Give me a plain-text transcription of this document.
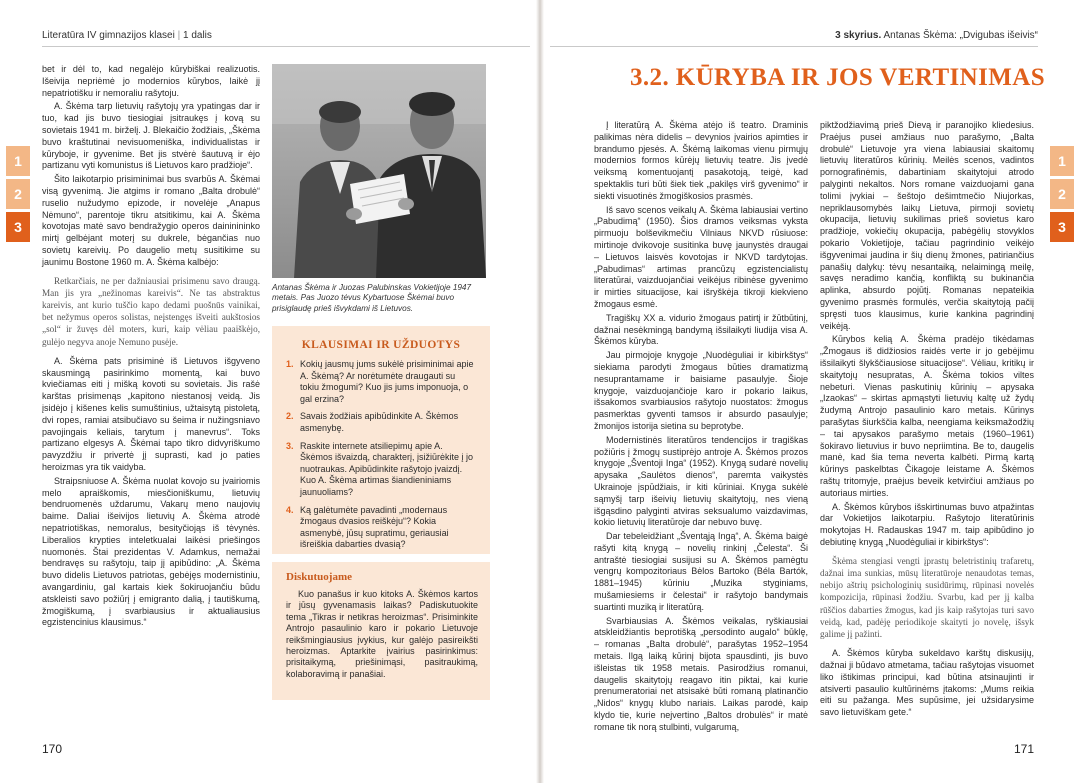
Literatūra IV gimnazijos klasei | 1 dalis
1
2
3

bet ir dėl to, kad negalėjo kūrybiškai realizuotis. Išeivija nepriėmė jo modernios kūrybos, laikė jį nepatriotišku ir nemoraliu rašytoju.

A. Škėma tarp lietuvių rašytojų yra ypatingas dar ir tuo, kad jis buvo tiesiogiai įsitraukęs į kovą su sovietais 1941 m. birželį. J. Blekaičio žodžiais, „Škėma buvo kraštutinai nevisuomeniška, individualistas ir kūryboje, ir gyvenime. Bet jis stvėrė šautuvą ir ėjo partizanu vyti komunistus iš Lietuvos karo pradžioje“.

Šito laikotarpio prisiminimai bus svarbūs A. Škėmai visą gyvenimą. Jie atgims ir romano „Balta drobulė“ ruselio nužudymo epizode, ir novelėje „Anapus Nėmuno“, parentoje tikru atsitikimu, kai A. Škėma kovotojas matė savo bendražygio operos daininininko mirtį gelbėjant moterį su dukrele, bėgančias nuo sovietų kareivių. Po daugelio metų susitikime su jaunimu Bostone 1960 m. A. Škėma kalbėjo:

Retkarčiais, ne per dažniausiai prisimenu savo draugą. Man jis yra „nežinomas kareivis“. Ne tas abstraktus kareivis, ant kurio tuščio kapo dedami puošnūs vainikai, bet nežymus operos solistas, neįstengęs išveiti aukštosios „sol“ ir žuvęs dėl moters, kuri, kaip vėliau paaiškėjo, gulėjo negyva anoje Nemuno pusėje.

A. Škėma pats prisiminė iš Lietuvos išgyveno skausmingą pasirinkimo momentą, kai buvo kviečiamas eiti į mišką kovoti su sovietais. Jis rašė karštas prisimenąs „kapitono niestanosį veidą. Jis įsidėjo į kišenes kelis sumuštinius, užtaisytą pistoletą, dvi ropes, ramiai atsibučiavo su šeima ir nužingsniavo pavojingais keliais, tarytum į manevrus“. Toks partizano elgesys A. Škėmai tapo tikro didvyriškumo pavyzdžiu ir privertė jį suprasti, kad jo paties heroizmas yra tik vaidyba.

Straipsniuose A. Škėma nuolat kovojo su įvairiomis melo apraiškomis, miesčioniškumu, lietuvių bendruomenės uždarumu, Vakarų meno naujovių baime. Daliai išeivijos lietuvių A. Škėma atrodė nepatriotiškas, nemoralus, besityčiojąs iš tėvynės. Liberalios krypties inteletkualai laikėsi priešingos nuomonės. Štai prezidentas V. Adamkus, nemažai bendravęs su rašytoju, taip jį apibūdino: „A. Škėma buvo didelis Lietuvos patriotas, gebėjęs modernistiniu, avangardiniu, gal kartais kiek šokiruojančiu būdu atskleisti savo požiūrį į emigranto dalią, į tautiškumą, žmogiškumą, į svarbiausius ir aktualiausius egzistencinius klausimus.“

Antanas Škėma ir Juozas Palubinskas Vokietijoje 1947 metais. Pas Juozo tėvus Kybartuose Škėmai buvo prisiglaudę prieš išvykdami iš Lietuvos.
KLAUSIMAI IR UŽDUOTYS
1. Kokių jausmų jums sukėlė prisiminimai apie A. Škėmą? Ar norėtumėte draugauti su tokiu žmogumi? Kuo jis jums imponuoja, o gal erzina?
2. Savais žodžiais apibūdinkite A. Škėmos asmenybę.
3. Raskite internete atsiliepimų apie A. Škėmos išvaizdą, charakterį, įsižiūrėkite į jo nuotraukas. Apibūdinkite rašytojo įvaizdį. Kuo A. Škėma artimas šiandieniniams jaunuoliams?
4. Ką galėtumėte pavadinti „modernaus žmogaus dvasios reiškėju“? Kokia asmenybė, jūsų supratimu, geriausiai išreiškia dabarties dvasią?
Diskutuojame

Kuo panašus ir kuo kitoks A. Škėmos kartos ir jūsų gyvenamasis laikas? Padiskutuokite tema „Tikras ir netikras heroizmas“. Prisiminkite Antrojo pasaulinio karo ir pokario Lietuvoje reikšmingiausius įvykius, kur galėjo pasireikšti heroizmas. Aptarkite įvairius pasirinkimus: prisitaikymą, priešinimąsi, pasitraukimą, kolaboravimą ir panašiai.

170
3 skyrius. Antanas Škėma: „Dvigubas išeivis“
1
2
3
3.2. KŪRYBA IR JOS VERTINIMAS

Į literatūrą A. Škėma atėjo iš teatro. Draminis palikimas nėra didelis – devynios įvairios apimties ir brandumo pjesės. A. Škėmą laikomas vienu pirmųjų modernios formos kūrėjų lietuvių teatre. Jis įvedė veiksmą komentuojantį pasakotoją, teigė, kad spektaklis turi būti šiek tiek „pakilęs virš gyvenimo“ ir siekti visuotinės žmogiškosios prasmės.

Iš savo scenos veikalų A. Škėma labiausiai vertino „Pabudimą“ (1950). Šios dramos veiksmas vyksta pirmuoju bolševikmečiu Vilniaus NKVD rūsiuose: mirtinoje dvikovoje susitinka buvę jaunystės draugai – Lietuvos laisvės kovotojas ir NKVD tardytojas. „Pabudimas“ artimas prancūzų egzistencialistų literatūrai, vaizduojančiai veikėjus ribinėse gyvenimo ir mirties situacijose, kai išryškėja tikroji kiekvieno žmogaus esmė.

Tragiškų XX a. vidurio žmogaus patirtį ir žūtbūtinį, dažnai nesėkmingą bandymą išsilaikyti liudija visa A. Škėmos kūryba.

Jau pirmojoje knygoje „Nuodėguliai ir kibirkštys“ siekiama parodyti žmogaus būties dramatizmą nesuprantamame ir baisiame pasaulyje. Šioje knygoje, vaizduojančioje karo ir pokario laikus, išsakomos svarbiausios rašytojo nuostatos: žmogus pasmerktas gyventi tamsos ir absurdo pasaulyje; žmonijos istorija sietina su beprotybe.

Modernistinės literatūros tendencijos ir tragiškas požiūris į žmogų sustiprėjo antroje A. Škėmos prozos knygoje „Šventoji Inga“ (1952). Knygą sudarė novelių apysaka „Saulėtos dienos“, paremta vaikystės Ukrainoje įspūdžiais, ir kiti kūriniai. Knyga sukėlė sąmyšį tarp išeivių lietuvių skaitytojų, nes vieną išgąsdino palyginti atviras seksualumo vaizdavimas, kokio lietuvių literatūroje dar nebuvo buvę.

Dar tebeleidžiant „Šventąją Ingą“, A. Škėma baigė rašyti kitą knygą – novelių rinkinį „Čelesta“. Ši antraštė tiesiogiai susijusi su A. Škėmos pamėgtu vengrų kompozitoriaus Bėlos Bartoko (Béla Bartók, 1881–1945) kūriniu „Muzika styginiams, mušamiesiems ir čelestai“ ir rašytojo bandymais suartinti muziką ir literatūrą.

Svarbiausias A. Škėmos veikalas, ryškiausiai atskleidžiantis beprotišką „persodinto augalo“ būklę, – romanas „Balta drobulė“, parašytas 1952–1954 metais. Ilgą laiką kūrinį bijota spausdinti, jis buvo išleistas tik 1958 metais. Pasirodžius romanui, daugelis skaitytojų reagavo itin piktai, kai kurie prenumeratoriai net atsisakė būti romaną platinančio „Nidos“ knygų klubo nariais. Laikas parodė, kaip klydo tie, kurie nejvertino „Baltos drobulės“ ir matė romane tik norą stulbinti, vulgarumą,

piktžodžiavimą prieš Dievą ir paranojiko kliedesius. Praėjus pusei amžiaus nuo parašymo, „Balta drobulė“ Lietuvoje yra viena labiausiai skaitomų lietuvių literatūros kūrinių. Meilės scenos, vadintos pornografinėmis, dabartiniam skaitytojui atrodo palyginti nekaltos. Nors romane vaizduojami gana tolimi įvykiai – šeštojo dešimtmečio Niujorkas, nepriklausomybės laikų Lietuva, pirmoji sovietų okupacija, lietuvių sukilimas prieš sovietus karo pradžioje, vokiečių okupacija, pabėgėlių stovyklos pokario Vokietijoje, tačiau pagrindinio veikėjo išgyvenimai jaudina ir šių dienų žmones, patiriančius panašių dalykų: tėvų nesantaiką, nelaimingą meilę, savęs neradimo kančią, konfliktą su bukinančia aplinka, absurdo pojūtį. Romanas nepateikia gyvenimo prasmės formulės, verčia skaitytoją pačiį spręsti tuos klausimus, kurie kankina pagrindinį veikėją.

Kūrybos kelią A. Škėma pradėjo tikėdamas „Žmogaus iš didžiosios raidės verte ir jo gebėjimu išsilaikyti šlykščiausiose situacijose“. Vėliau, kritikų ir skaitytojų nesupratas, A. Škėma tokios viltes nebeturi. Vienas paskutinių kūrinių – apysaka „Izaokas“ – skirtas apmąstyti lietuvių kaltę už žydų žudymą Antrojo pasaulinio karo metais. Kūrinys parašytas šiurkščia kalba, neengiama keiksmažodžių – tai apysakos parašymo metais (1960–1961) šokiravo lietuvius ir buvo nepriimtina. Be to, daugelis manė, kad šia tema neverta kalbėti. Pirmą kartą kūrinys paskelbtas Čikagoje leistame A. Škėmos raštų tritomyje, praėjus beveik ketvirčiui amžiaus po autoriaus mirties.

A. Škėmos kūrybos išskirtinumas buvo atpažintas dar Vokietijos laikotarpiu. Rašytojo literatūrinis mokytojas H. Radauskas 1947 m. taip apibūdino jo debiutinę knygą „Nuodėguliai ir kibirkštys“:

Škėma stengiasi vengti įprastų beletristinių trafaretų, dažnai ima sunkias, mūsų literatūroje nenaudotas temas, nebijo aštrių psichologinių susidūrimų, rūpinasi novelės kompozicija, rūpinasi žodžiu. Svarbu, kad per jį kalba rūščios dabarties žmogus, kad jis kaip rašytojas turi savo veidą, kad, padėję periodikoje skaityti jo novelę, išsyk galime jį pažinti.

A. Škėmos kūryba sukeldavo karštų diskusijų, dažnai ji būdavo atmetama, tačiau rašytojas visuomet liko ištikimas principui, kad būtina atsinaujinti ir atsiverti pasaulio kultūrinėms įtakoms: „Mums reikia eiti su pažanga. Mes supūsime, jei užsidarysime savo lietuviškam gete.“

171
